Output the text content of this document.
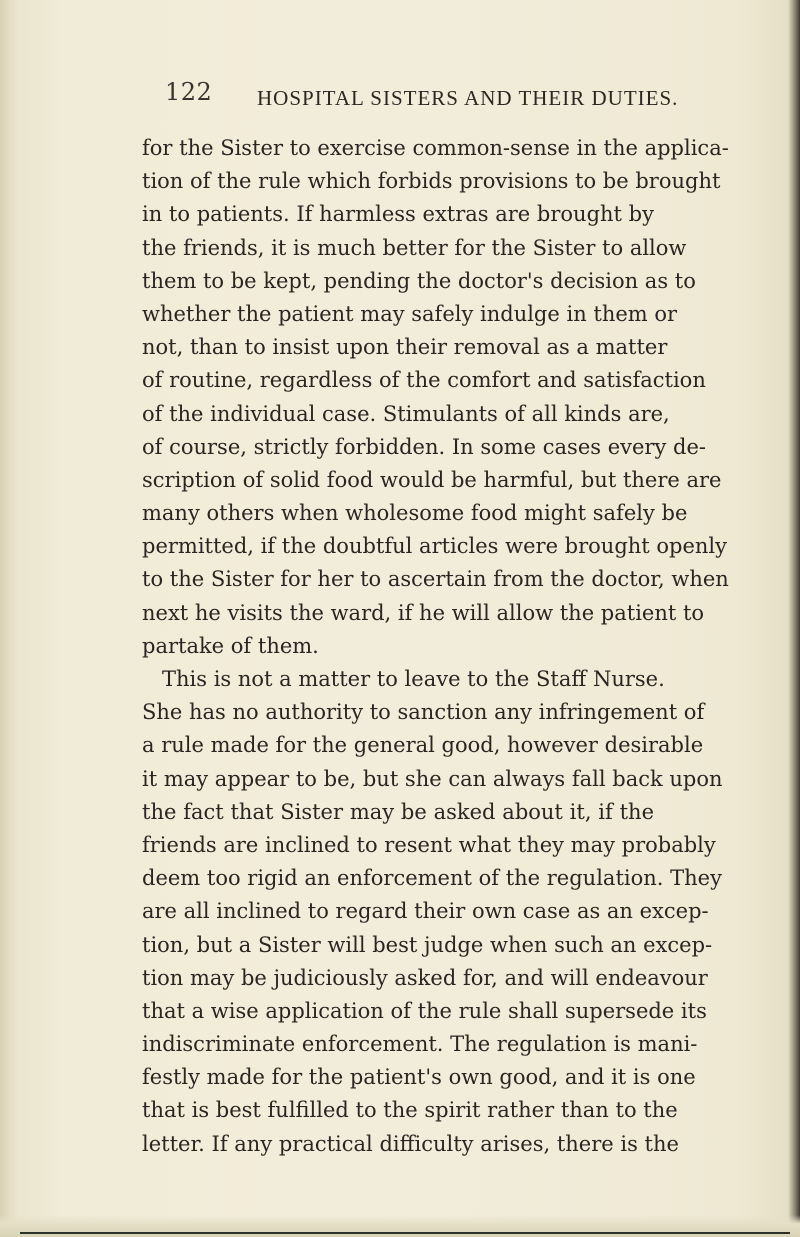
122 HOSPITAL SISTERS AND THEIR DUTIES.
for the Sister to exercise common-sense in the applica-
tion of the rule which forbids provisions to be brought
in to patients. If harmless extras are brought by
the friends, it is much better for the Sister to allow
them to be kept, pending the doctor's decision as to
whether the patient may safely indulge in them or
not, than to insist upon their removal as a matter
of routine, regardless of the comfort and satisfaction
of the individual case. Stimulants of all kinds are,
of course, strictly forbidden. In some cases every de-
scription of solid food would be harmful, but there are
many others when wholesome food might safely be
permitted, if the doubtful articles were brought openly
to the Sister for her to ascertain from the doctor, when
next he visits the ward, if he will allow the patient to
partake of them.
This is not a matter to leave to the Staff Nurse.
She has no authority to sanction any infringement of
a rule made for the general good, however desirable
it may appear to be, but she can always fall back upon
the fact that Sister may be asked about it, if the
friends are inclined to resent what they may probably
deem too rigid an enforcement of the regulation. They
are all inclined to regard their own case as an excep-
tion, but a Sister will best judge when such an excep-
tion may be judiciously asked for, and will endeavour
that a wise application of the rule shall supersede its
indiscriminate enforcement. The regulation is mani-
festly made for the patient's own good, and it is one
that is best fulfilled to the spirit rather than to the
letter. If any practical difficulty arises, there is the
